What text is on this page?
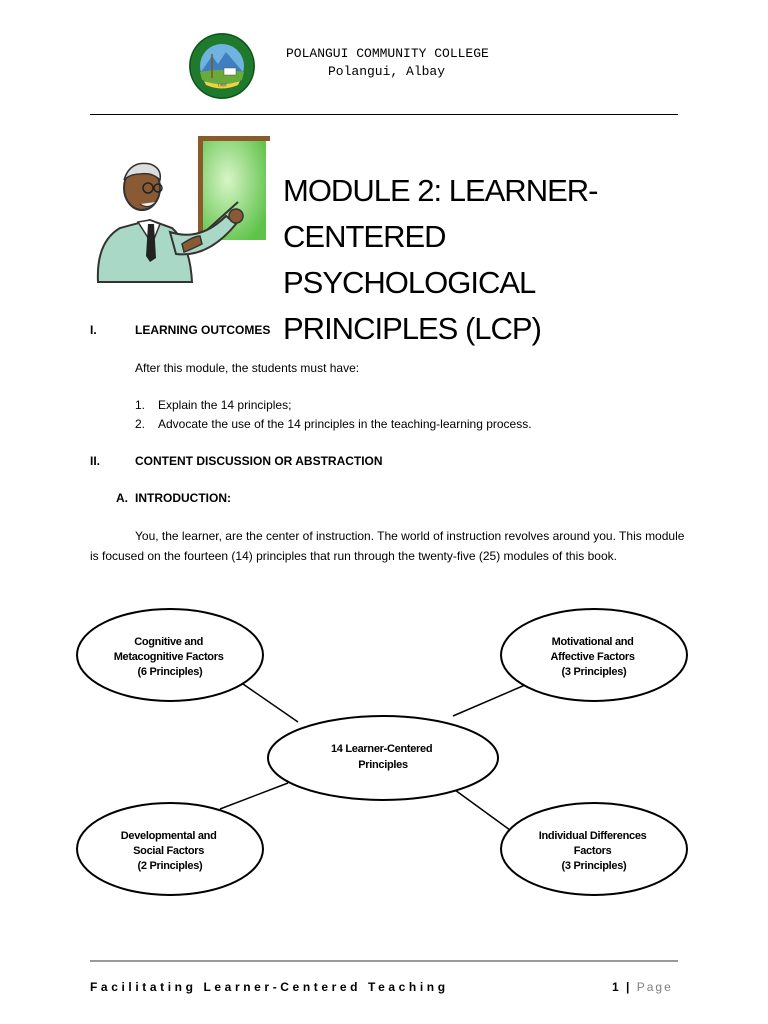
1968
POLANGUI COMMUNITY COLLEGE
Polangui, Albay
MODULE 2: LEARNER-
CENTERED PSYCHOLOGICAL
PRINCIPLES (LCP)
I.	LEARNING OUTCOMES
After this module, the students must have:
1. Explain the 14 principles;
2. Advocate the use of the 14 principles in the teaching-learning process.
II.	CONTENT DISCUSSION OR ABSTRACTION
A. INTRODUCTION:
You, the learner, are the center of instruction. The world of instruction revolves around you. This module is focused on the fourteen (14) principles that run through the twenty-five (25) modules of this book.
Cognitive and Metacognitive Factors (6 Principles)
Motivational and Affective Factors (3 Principles)
14 Learner-Centered Principles
Developmental and Social Factors (2 Principles)
Individual Differences Factors (3 Principles)
Facilitating Learner-Centered Teaching	1 | Page
